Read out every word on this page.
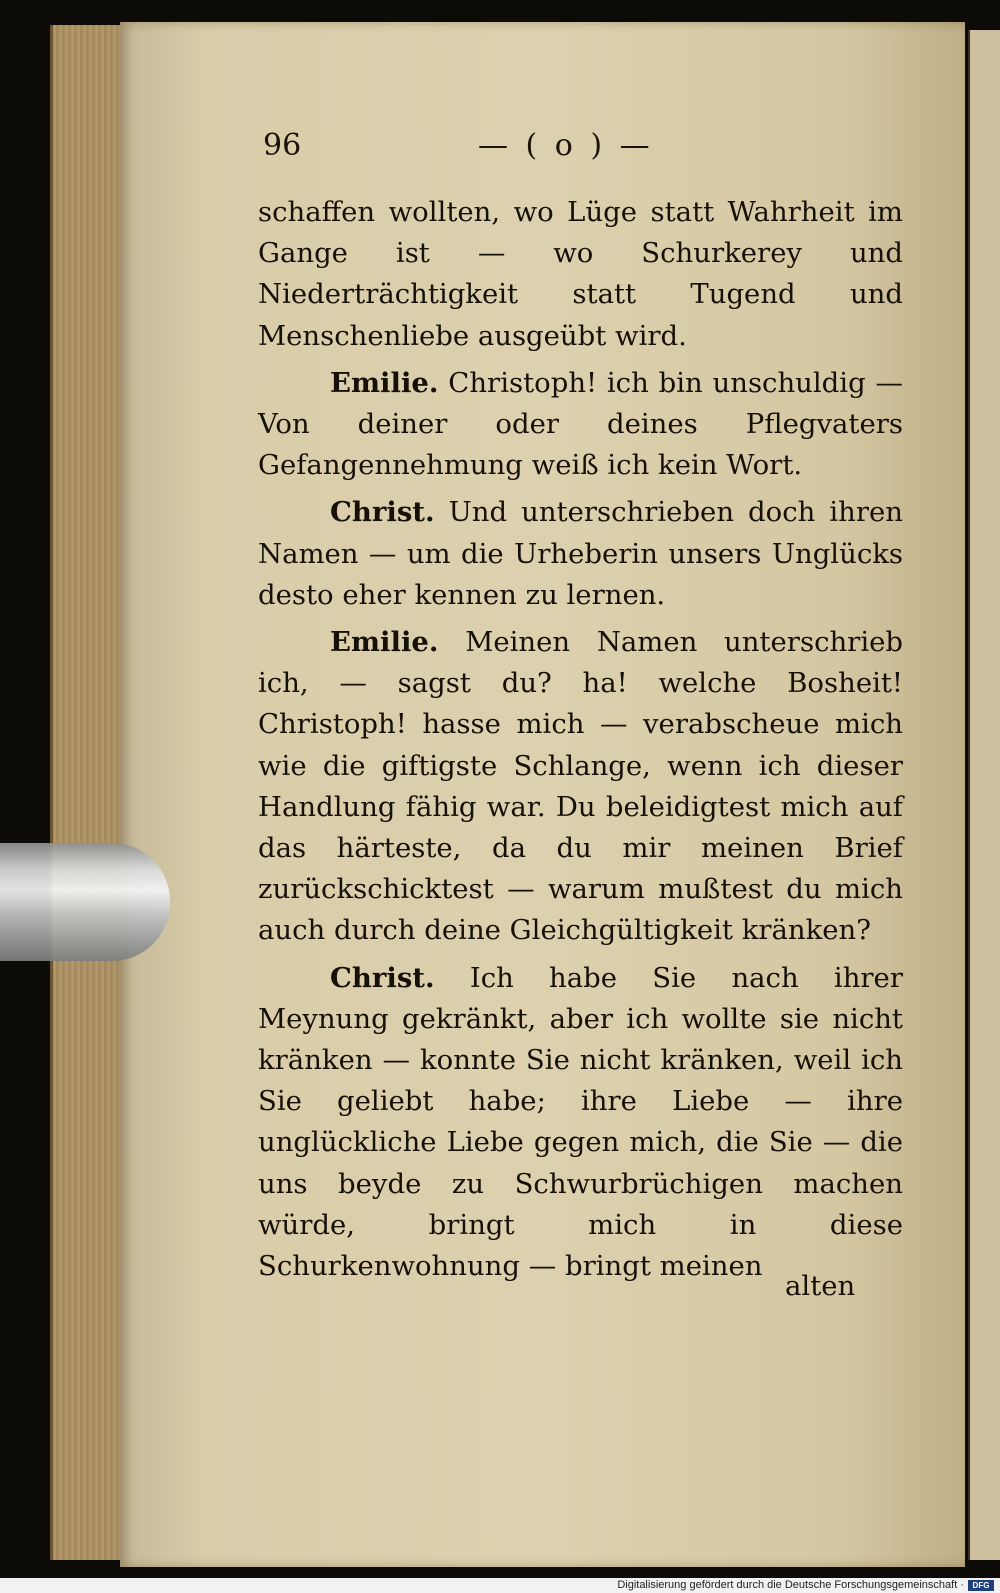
96	— ( o ) —

schaffen wollten, wo Lüge statt Wahrheit im Gange ist — wo Schurkerey und Niederträchtigkeit statt Tugend und Menschenliebe ausgeübt wird.

Emilie. Christoph! ich bin unschuldig — Von deiner oder deines Pflegvaters Gefangennehmung weiß ich kein Wort.

Christ. Und unterschrieben doch ihren Namen — um die Urheberin unsers Unglücks desto eher kennen zu lernen.

Emilie. Meinen Namen unterschrieb ich, — sagst du? ha! welche Bosheit! Christoph! hasse mich — verabscheue mich wie die giftigste Schlange, wenn ich dieser Handlung fähig war. Du beleidigtest mich auf das härteste, da du mir meinen Brief zurückschicktest — warum mußtest du mich auch durch deine Gleichgültigkeit kränken?

Christ. Ich habe Sie nach ihrer Meynung gekränkt, aber ich wollte sie nicht kränken — konnte Sie nicht kränken, weil ich Sie geliebt habe; ihre Liebe — ihre unglückliche Liebe gegen mich, die Sie — die uns beyde zu Schwurbrüchigen machen würde, bringt mich in diese Schurkenwohnung — bringt meinen

alten
Digitalisierung gefördert durch die Deutsche Forschungsgemeinschaft ·	DFG
